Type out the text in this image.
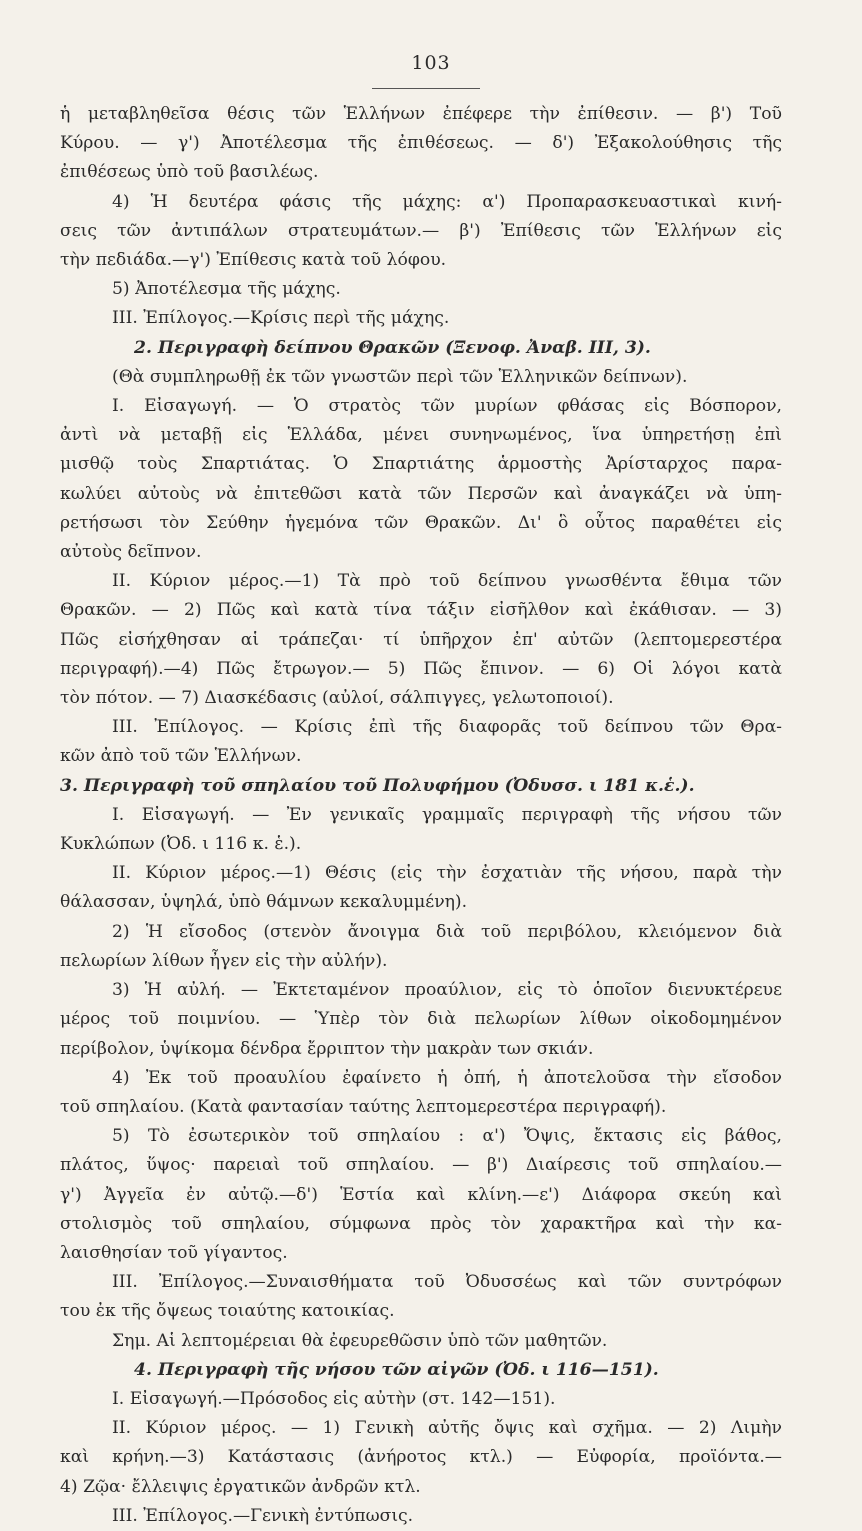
103
ἡ μεταβληθεῖσα θέσις τῶν Ἑλλήνων ἐπέφερε τὴν ἐπίθεσιν. — β') Τοῦ
Κύρου. — γ') Ἀποτέλεσμα τῆς ἐπιθέσεως. — δ') Ἐξακολούθησις τῆς
ἐπιθέσεως ὑπὸ τοῦ βασιλέως.
4) Ἡ δευτέρα φάσις τῆς μάχης: α') Προπαρασκευαστικαὶ κινή-
σεις τῶν ἀντιπάλων στρατευμάτων.— β') Ἐπίθεσις τῶν Ἑλλήνων εἰς
τὴν πεδιάδα.—γ') Ἐπίθεσις κατὰ τοῦ λόφου.
5) Ἀποτέλεσμα τῆς μάχης.
ΙΙΙ. Ἐπίλογος.—Κρίσις περὶ τῆς μάχης.
2. Περιγραφὴ δείπνου Θρακῶν (Ξενοφ. Ἀναβ. ΙΙΙ, 3).
(Θὰ συμπληρωθῇ ἐκ τῶν γνωστῶν περὶ τῶν Ἑλληνικῶν δείπνων).
Ι. Εἰσαγωγή. — Ὁ στρατὸς τῶν μυρίων φθάσας εἰς Βόσπορον,
ἀντὶ νὰ μεταβῇ εἰς Ἑλλάδα, μένει συνηνωμένος, ἵνα ὑπηρετήσῃ ἐπὶ
μισθῷ τοὺς Σπαρτιάτας. Ὁ Σπαρτιάτης ἁρμοστὴς Ἀρίσταρχος παρα-
κωλύει αὐτοὺς νὰ ἐπιτεθῶσι κατὰ τῶν Περσῶν καὶ ἀναγκάζει νὰ ὑπη-
ρετήσωσι τὸν Σεύθην ἡγεμόνα τῶν Θρακῶν. Δι' ὃ οὗτος παραθέτει εἰς
αὐτοὺς δεῖπνον.
ΙΙ. Κύριον μέρος.—1) Τὰ πρὸ τοῦ δείπνου γνωσθέντα ἔθιμα τῶν
Θρακῶν. — 2) Πῶς καὶ κατὰ τίνα τάξιν εἰσῆλθον καὶ ἐκάθισαν. — 3)
Πῶς εἰσήχθησαν αἱ τράπεζαι· τί ὑπῆρχον ἐπ' αὐτῶν (λεπτομερεστέρα
περιγραφή).—4) Πῶς ἔτρωγον.— 5) Πῶς ἔπινον. — 6) Οἱ λόγοι κατὰ
τὸν πότον. — 7) Διασκέδασις (αὐλοί, σάλπιγγες, γελωτοποιοί).
ΙΙΙ. Ἐπίλογος. — Κρίσις ἐπὶ τῆς διαφορᾶς τοῦ δείπνου τῶν Θρα-
κῶν ἀπὸ τοῦ τῶν Ἑλλήνων.
3. Περιγραφὴ τοῦ σπηλαίου τοῦ Πολυφήμου (Ὀδυσσ. ι 181 κ.ἑ.).
Ι. Εἰσαγωγή. — Ἐν γενικαῖς γραμμαῖς περιγραφὴ τῆς νήσου τῶν
Κυκλώπων (Ὀδ. ι 116 κ. ἑ.).
ΙΙ. Κύριον μέρος.—1) Θέσις (εἰς τὴν ἐσχατιὰν τῆς νήσου, παρὰ τὴν
θάλασσαν, ὑψηλά, ὑπὸ θάμνων κεκαλυμμένη).
2) Ἡ εἴσοδος (στενὸν ἄνοιγμα διὰ τοῦ περιβόλου, κλειόμενον διὰ
πελωρίων λίθων ἦγεν εἰς τὴν αὐλήν).
3) Ἡ αὐλή. — Ἐκτεταμένον προαύλιον, εἰς τὸ ὁποῖον διενυκτέρευε
μέρος τοῦ ποιμνίου. — Ὑπὲρ τὸν διὰ πελωρίων λίθων οἰκοδομημένον
περίβολον, ὑψίκομα δένδρα ἔρριπτον τὴν μακρὰν των σκιάν.
4) Ἐκ τοῦ προαυλίου ἐφαίνετο ἡ ὀπή, ἡ ἀποτελοῦσα τὴν εἴσοδον
τοῦ σπηλαίου. (Κατὰ φαντασίαν ταύτης λεπτομερεστέρα περιγραφή).
5) Τὸ ἐσωτερικὸν τοῦ σπηλαίου : α') Ὄψις, ἔκτασις εἰς βάθος,
πλάτος, ὕψος· παρειαὶ τοῦ σπηλαίου. — β') Διαίρεσις τοῦ σπηλαίου.—
γ') Ἀγγεῖα ἐν αὐτῷ.—δ') Ἑστία καὶ κλίνη.—ε') Διάφορα σκεύη καὶ
στολισμὸς τοῦ σπηλαίου, σύμφωνα πρὸς τὸν χαρακτῆρα καὶ τὴν κα-
λαισθησίαν τοῦ γίγαντος.
ΙΙΙ. Ἐπίλογος.—Συναισθήματα τοῦ Ὀδυσσέως καὶ τῶν συντρόφων
του ἐκ τῆς ὄψεως τοιαύτης κατοικίας.
Σημ. Αἱ λεπτομέρειαι θὰ ἐφευρεθῶσιν ὑπὸ τῶν μαθητῶν.
4. Περιγραφὴ τῆς νήσου τῶν αἰγῶν (Ὀδ. ι 116—151).
Ι. Εἰσαγωγή.—Πρόσοδος εἰς αὐτὴν (στ. 142—151).
ΙΙ. Κύριον μέρος. — 1) Γενικὴ αὐτῆς ὄψις καὶ σχῆμα. — 2) Λιμὴν
καὶ κρήνη.—3) Κατάστασις (ἀνήροτος κτλ.) — Εὐφορία, προϊόντα.—
4) Ζῷα· ἔλλειψις ἐργατικῶν ἀνδρῶν κτλ.
ΙΙΙ. Ἐπίλογος.—Γενικὴ ἐντύπωσις.
